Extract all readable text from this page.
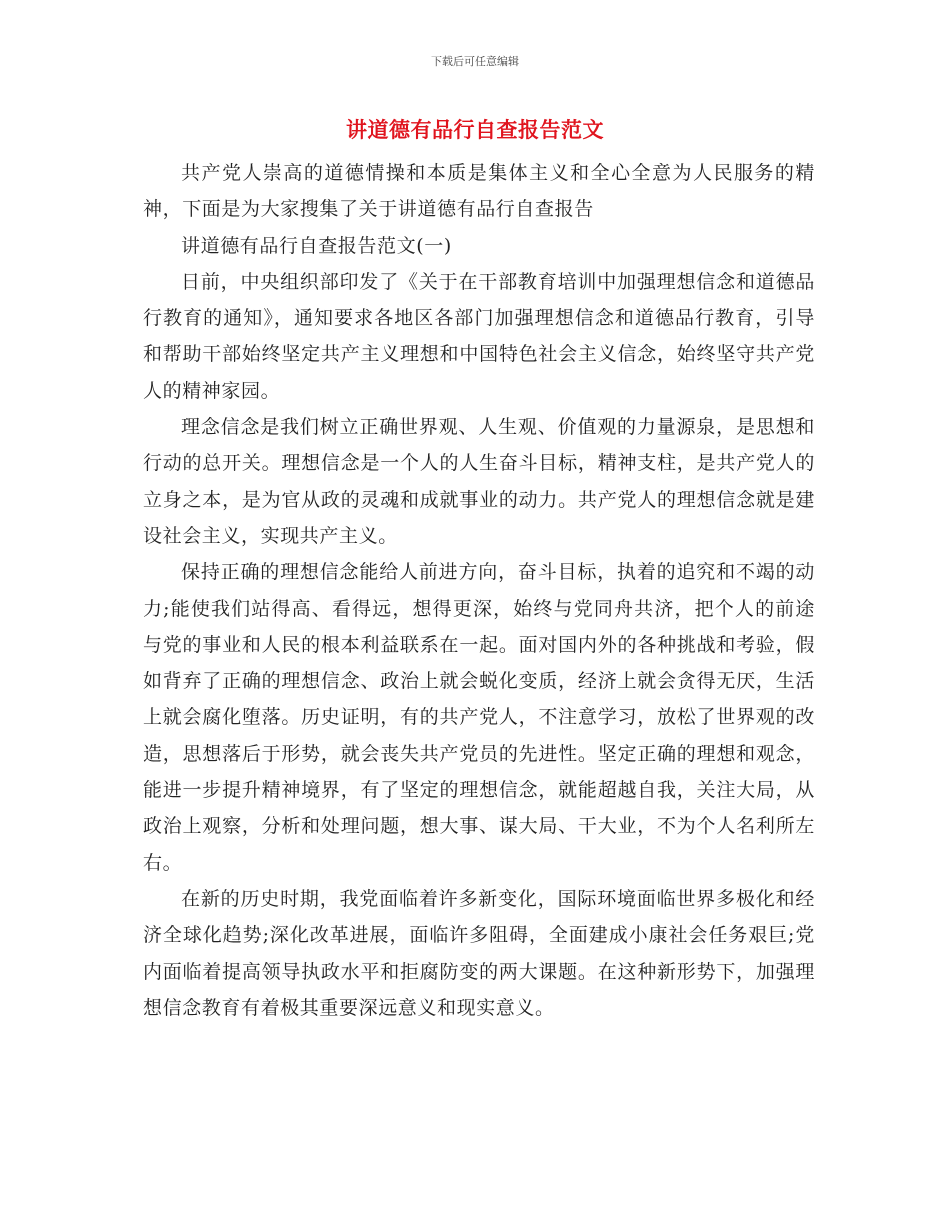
下载后可任意编辑
讲道德有品行自查报告范文

共产党人崇高的道德情操和本质是集体主义和全心全意为人民服务的精神，下面是为大家搜集了关于讲道德有品行自查报告

讲道德有品行自查报告范文(一)

日前，中央组织部印发了《关于在干部教育培训中加强理想信念和道德品行教育的通知》，通知要求各地区各部门加强理想信念和道德品行教育，引导和帮助干部始终坚定共产主义理想和中国特色社会主义信念，始终坚守共产党人的精神家园。

理念信念是我们树立正确世界观、人生观、价值观的力量源泉，是思想和行动的总开关。理想信念是一个人的人生奋斗目标，精神支柱，是共产党人的立身之本，是为官从政的灵魂和成就事业的动力。共产党人的理想信念就是建设社会主义，实现共产主义。

保持正确的理想信念能给人前进方向，奋斗目标，执着的追究和不竭的动力;能使我们站得高、看得远，想得更深，始终与党同舟共济，把个人的前途与党的事业和人民的根本利益联系在一起。面对国内外的各种挑战和考验，假如背弃了正确的理想信念、政治上就会蜕化变质，经济上就会贪得无厌，生活上就会腐化堕落。历史证明，有的共产党人，不注意学习，放松了世界观的改造，思想落后于形势，就会丧失共产党员的先进性。坚定正确的理想和观念，能进一步提升精神境界，有了坚定的理想信念，就能超越自我，关注大局，从政治上观察，分析和处理问题，想大事、谋大局、干大业，不为个人名利所左右。

在新的历史时期，我党面临着许多新变化，国际环境面临世界多极化和经济全球化趋势;深化改革进展，面临许多阻碍，全面建成小康社会任务艰巨;党内面临着提高领导执政水平和拒腐防变的两大课题。在这种新形势下，加强理想信念教育有着极其重要深远意义和现实意义。
